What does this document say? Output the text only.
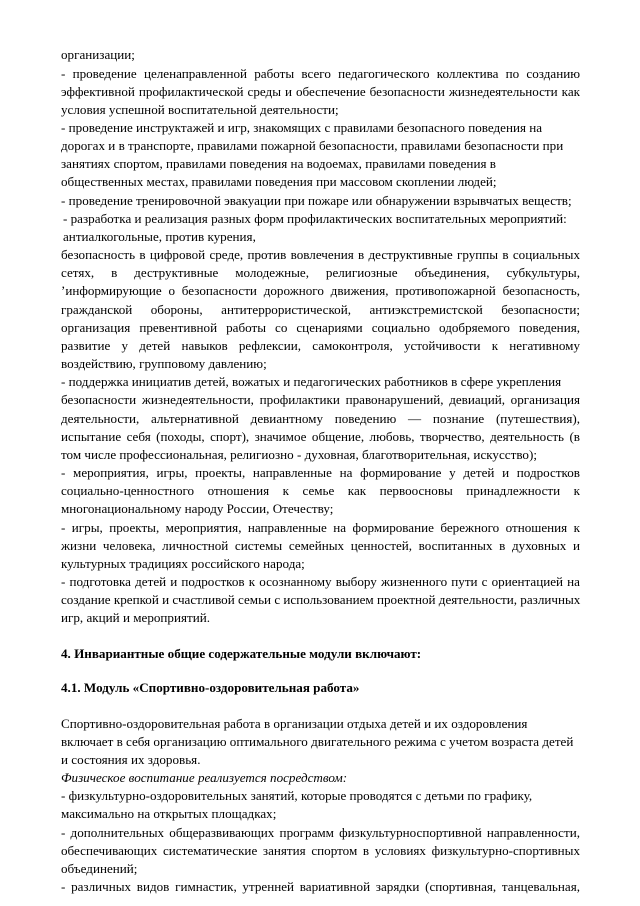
организации;
- проведение целенаправленной работы всего педагогического коллектива по созданию
эффективной профилактической среды и обеспечение безопасности жизнедеятельности как
условия успешной воспитательной деятельности;
- проведение инструктажей и игр, знакомящих с правилами безопасного поведения на
дорогах и в транспорте, правилами пожарной безопасности, правилами безопасности при
занятиях спортом, правилами поведения на водоемах, правилами поведения в
общественных местах, правилами поведения при массовом скоплении людей;
- проведение тренировочной эвакуации при пожаре или обнаружении взрывчатых веществ;
- разработка и реализация разных форм профилактических воспитательных мероприятий:
антиалкогольные, против курения,
безопасность в цифровой среде, против вовлечения в деструктивные группы в социальных
сетях, в деструктивные молодежные, религиозные объединения, субкультуры,
’информирующие о безопасности дорожного движения, противопожарной безопасность,
гражданской обороны, антитеррористической, антиэкстремистской безопасности;
организация превентивной работы со сценариями социально одобряемого поведения,
развитие у детей навыков рефлексии, самоконтроля, устойчивости к негативному
воздействию, групповому давлению;
- поддержка инициатив детей, вожатых и педагогических работников в сфере укрепления
безопасности жизнедеятельности, профилактики правонарушений, девиаций, организация
деятельности, альтернативной девиантному поведению — познание (путешествия),
испытание себя (походы, спорт), значимое общение, любовь, творчество, деятельность (в
том числе профессиональная, религиозно - духовная, благотворительная, искусство);
- мероприятия, игры, проекты, направленные на формирование у детей и подростков
социально-ценностного отношения к семье как первоосновы принадлежности к
многонациональному народу России, Отечеству;
- игры, проекты, мероприятия, направленные на формирование бережного отношения к
жизни человека, личностной системы семейных ценностей, воспитанных в духовных и
культурных традициях российского народа;
- подготовка детей и подростков к осознанному выбору жизненного пути с ориентацией на
создание крепкой и счастливой семьи с использованием проектной деятельности, различных
игр, акций и мероприятий.
4. Инвариантные общие содержательные модули включают:
4.1. Модуль «Спортивно-оздоровительная работа»
Спортивно-оздоровительная работа в организации отдыха детей и их оздоровления
включает в себя организацию оптимального двигательного режима с учетом возраста детей
и состояния их здоровья.
Физическое воспитание реализуется посредством:
- физкультурно-оздоровительных занятий, которые проводятся с детьми по графику,
максимально на открытых площадках;
- дополнительных общеразвивающих программ физкультурноспортивной направленности,
обеспечивающих систематические занятия спортом в условиях физкультурно-спортивных
объединений;
- различных видов гимнастик, утренней вариативной зарядки (спортивная, танцевальная,
